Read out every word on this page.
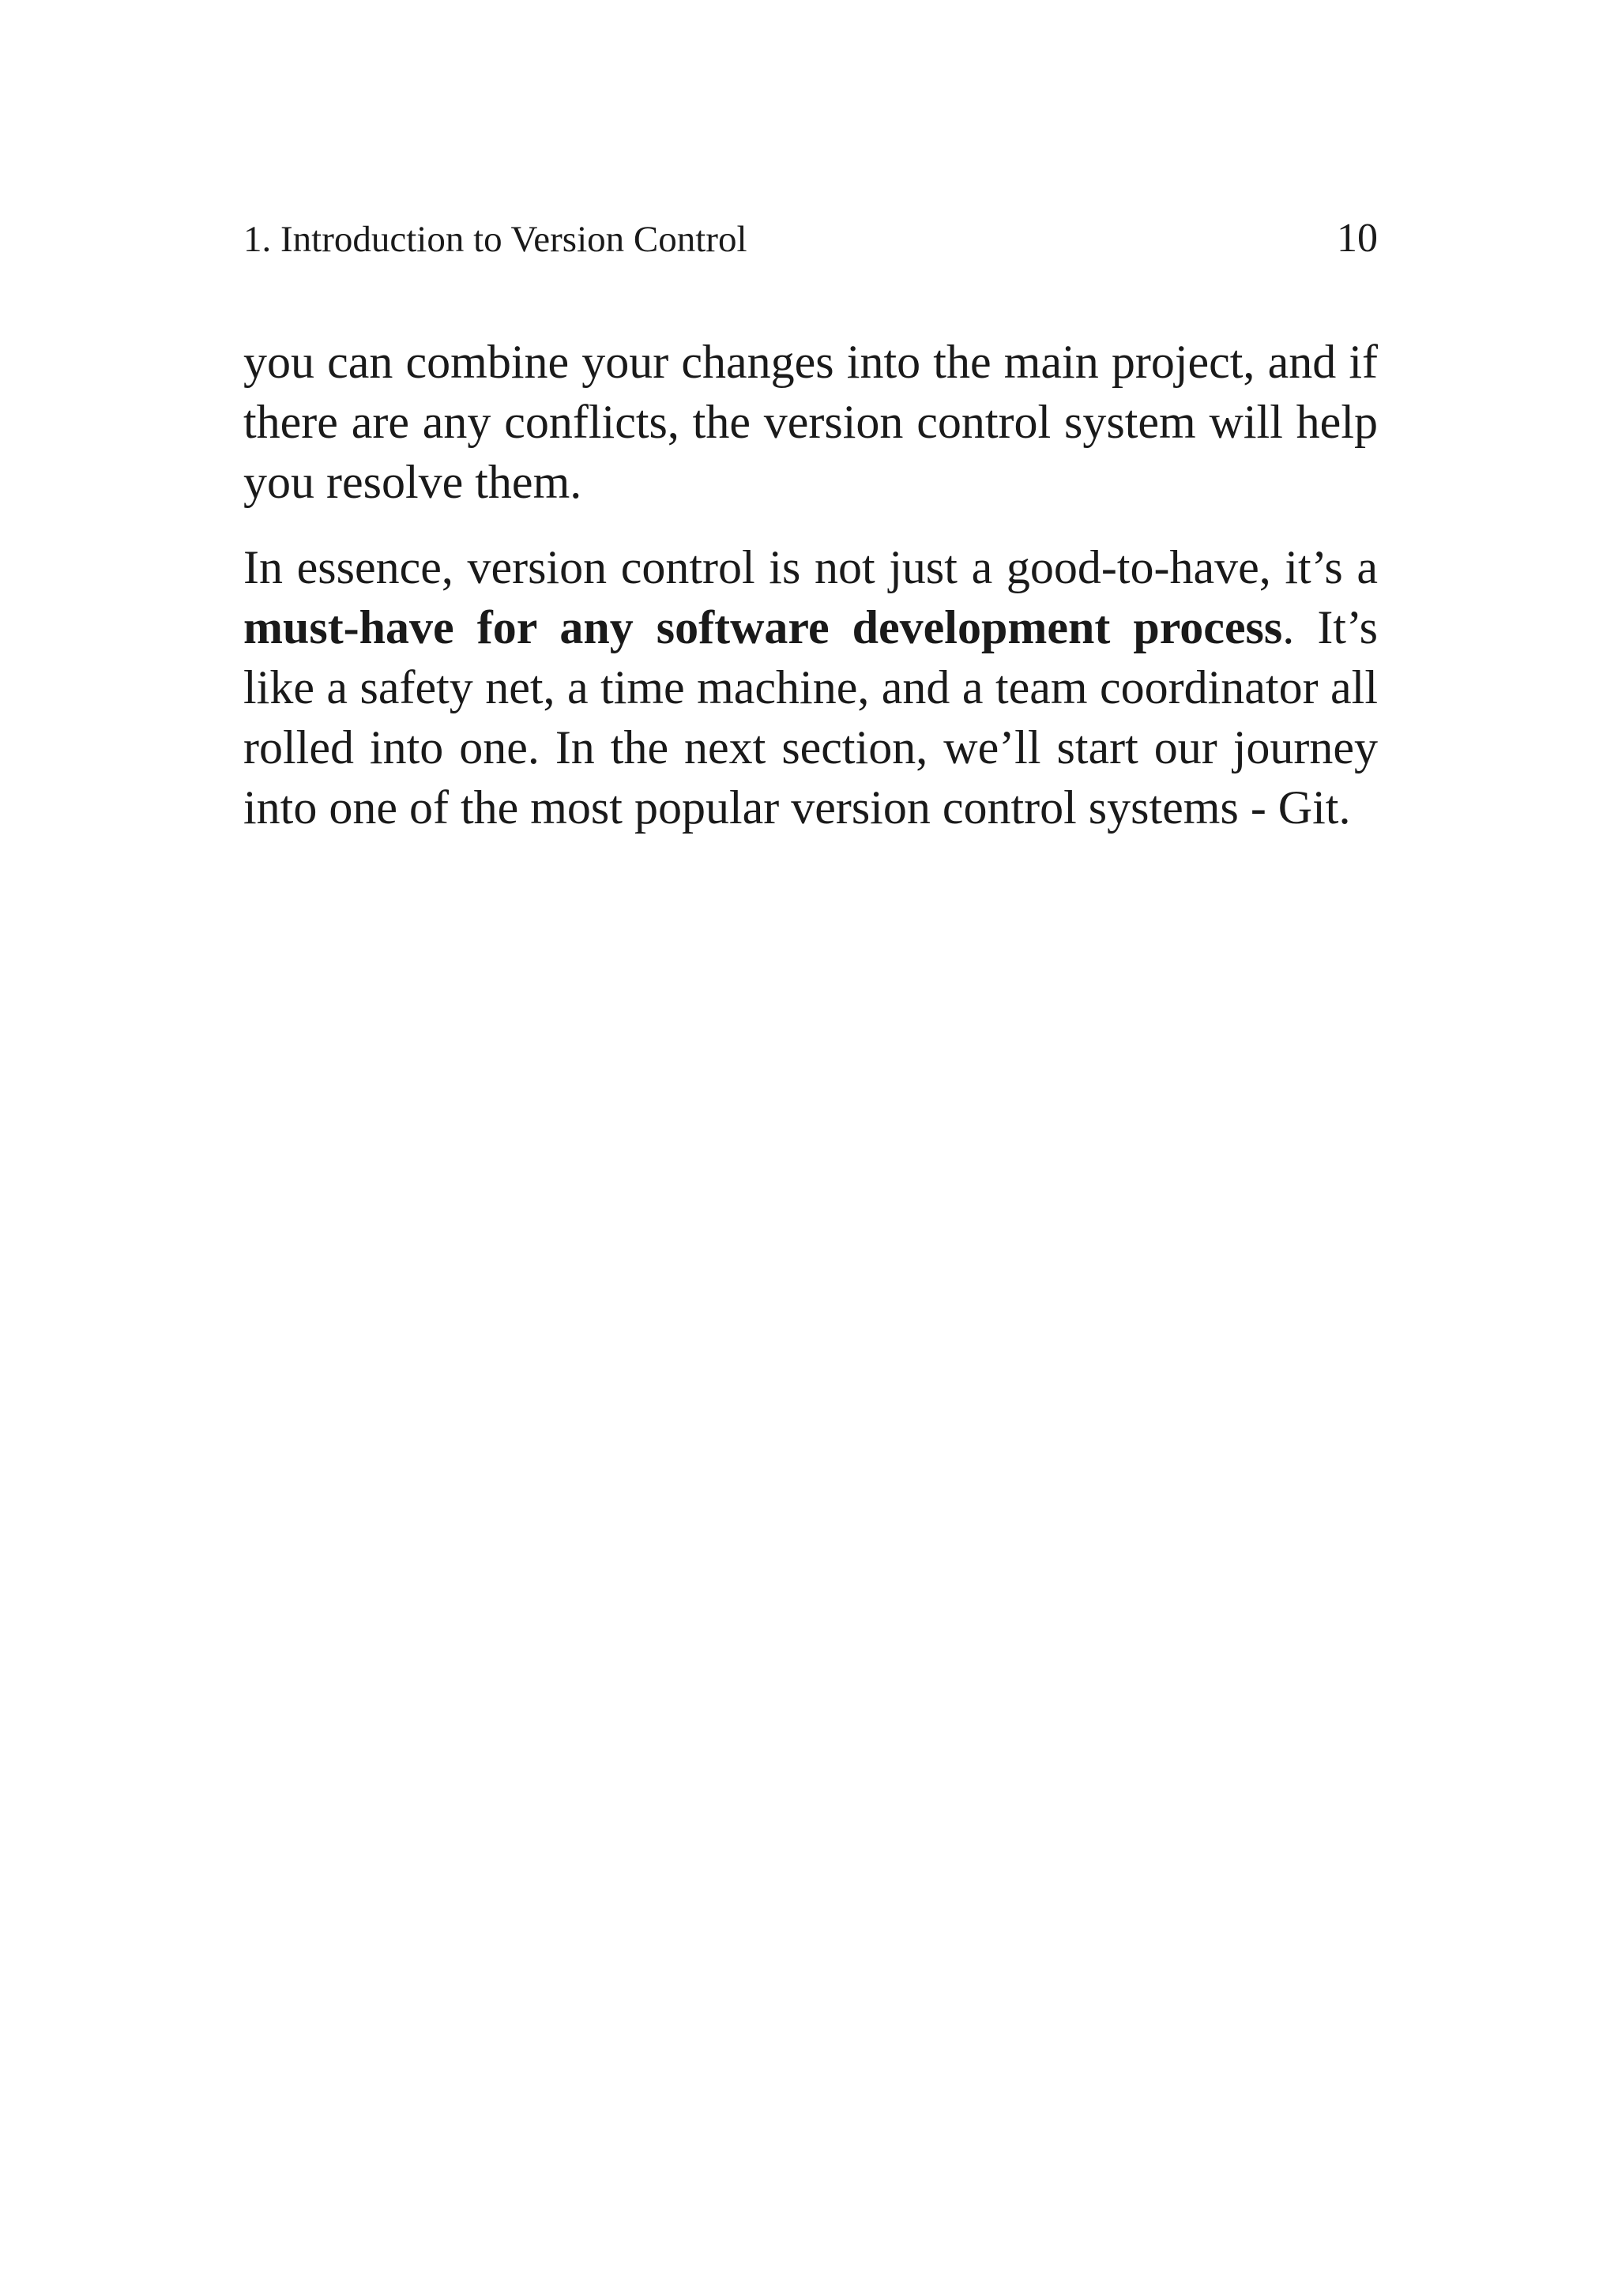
1. Introduction to Version Control	10

you can combine your changes into the main project, and if there are any conflicts, the version control system will help you resolve them.

In essence, version control is not just a good-to-have, it’s a must-have for any software development process. It’s like a safety net, a time machine, and a team coordinator all rolled into one. In the next section, we’ll start our journey into one of the most popular version control systems - Git.
